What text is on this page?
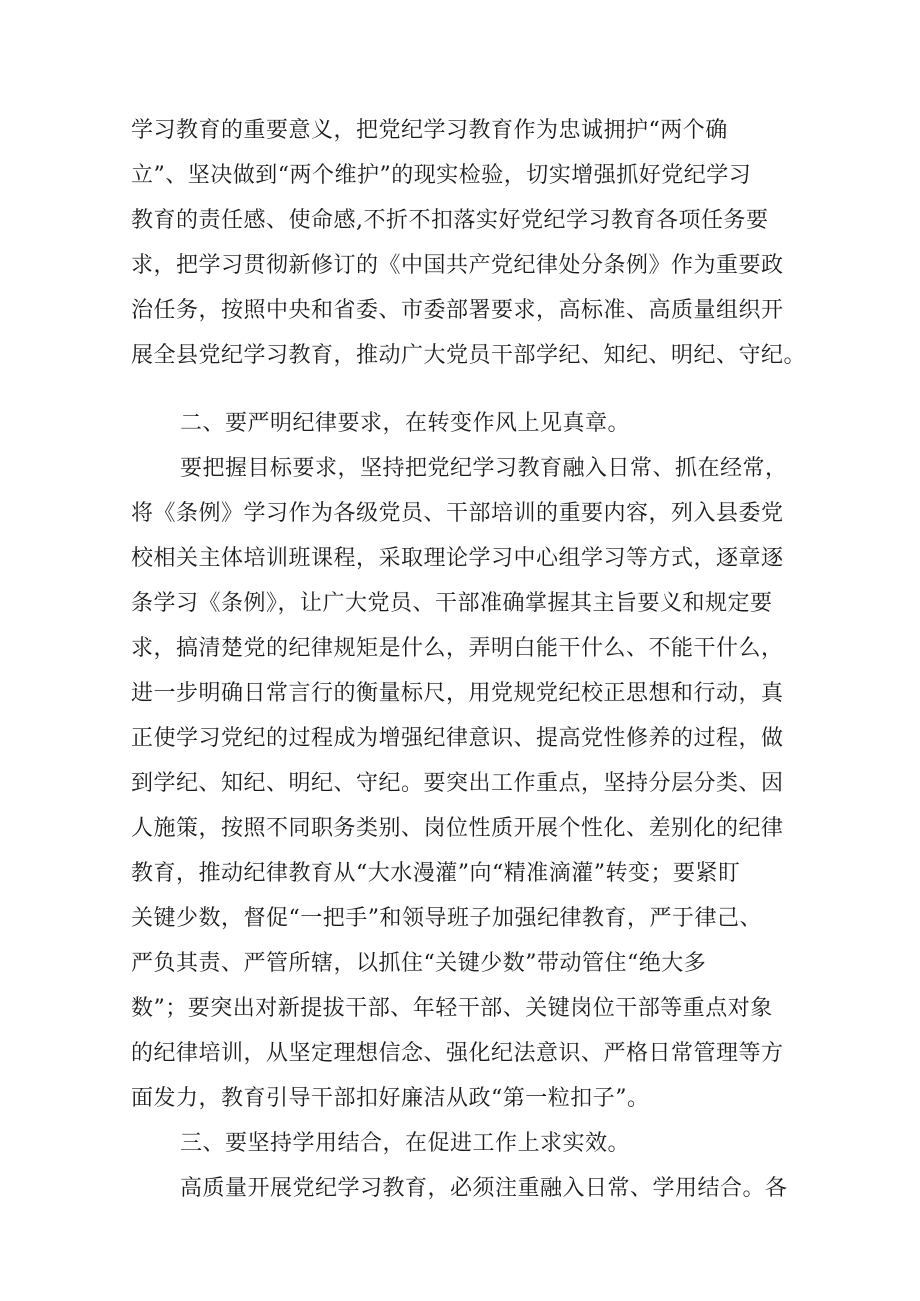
学习教育的重要意义，把党纪学习教育作为忠诚拥护“两个确
立”、坚决做到“两个维护”的现实检验，切实增强抓好党纪学习
教育的责任感、使命感,不折不扣落实好党纪学习教育各项任务要
求，把学习贯彻新修订的《中国共产党纪律处分条例》作为重要政
治任务，按照中央和省委、市委部署要求，高标准、高质量组织开
展全县党纪学习教育，推动广大党员干部学纪、知纪、明纪、守纪。
二、要严明纪律要求，在转变作风上见真章。
要把握目标要求，坚持把党纪学习教育融入日常、抓在经常，
将《条例》学习作为各级党员、干部培训的重要内容，列入县委党
校相关主体培训班课程，采取理论学习中心组学习等方式，逐章逐
条学习《条例》，让广大党员、干部准确掌握其主旨要义和规定要
求，搞清楚党的纪律规矩是什么，弄明白能干什么、不能干什么，
进一步明确日常言行的衡量标尺，用党规党纪校正思想和行动，真
正使学习党纪的过程成为增强纪律意识、提高党性修养的过程，做
到学纪、知纪、明纪、守纪。要突出工作重点，坚持分层分类、因
人施策，按照不同职务类别、岗位性质开展个性化、差别化的纪律
教育，推动纪律教育从“大水漫灌”向“精准滴灌”转变；要紧盯
关键少数，督促“一把手”和领导班子加强纪律教育，严于律己、
严负其责、严管所辖，以抓住“关键少数”带动管住“绝大多
数”；要突出对新提拔干部、年轻干部、关键岗位干部等重点对象
的纪律培训，从坚定理想信念、强化纪法意识、严格日常管理等方
面发力，教育引导干部扣好廉洁从政“第一粒扣子”。
三、要坚持学用结合，在促进工作上求实效。
高质量开展党纪学习教育，必须注重融入日常、学用结合。各
